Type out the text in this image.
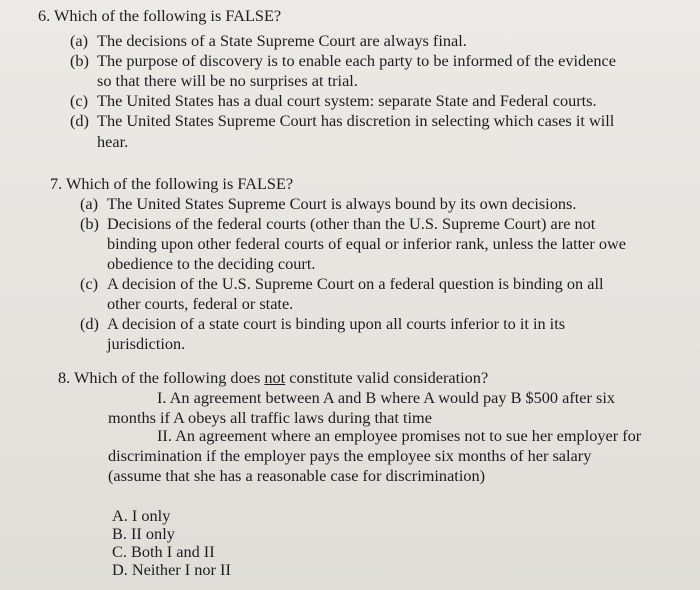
6. Which of the following is FALSE?
(a) The decisions of a State Supreme Court are always final.
(b) The purpose of discovery is to enable each party to be informed of the evidence
so that there will be no surprises at trial.
(c) The United States has a dual court system: separate State and Federal courts.
(d) The United States Supreme Court has discretion in selecting which cases it will
hear.
7. Which of the following is FALSE?
(a) The United States Supreme Court is always bound by its own decisions.
(b) Decisions of the federal courts (other than the U.S. Supreme Court) are not
binding upon other federal courts of equal or inferior rank, unless the latter owe
obedience to the deciding court.
(c) A decision of the U.S. Supreme Court on a federal question is binding on all
other courts, federal or state.
(d) A decision of a state court is binding upon all courts inferior to it in its
jurisdiction.
8. Which of the following does not constitute valid consideration?
I. An agreement between A and B where A would pay B $500 after six
months if A obeys all traffic laws during that time
II. An agreement where an employee promises not to sue her employer for
discrimination if the employer pays the employee six months of her salary
(assume that she has a reasonable case for discrimination)
A. I only
B. II only
C. Both I and II
D. Neither I nor II
